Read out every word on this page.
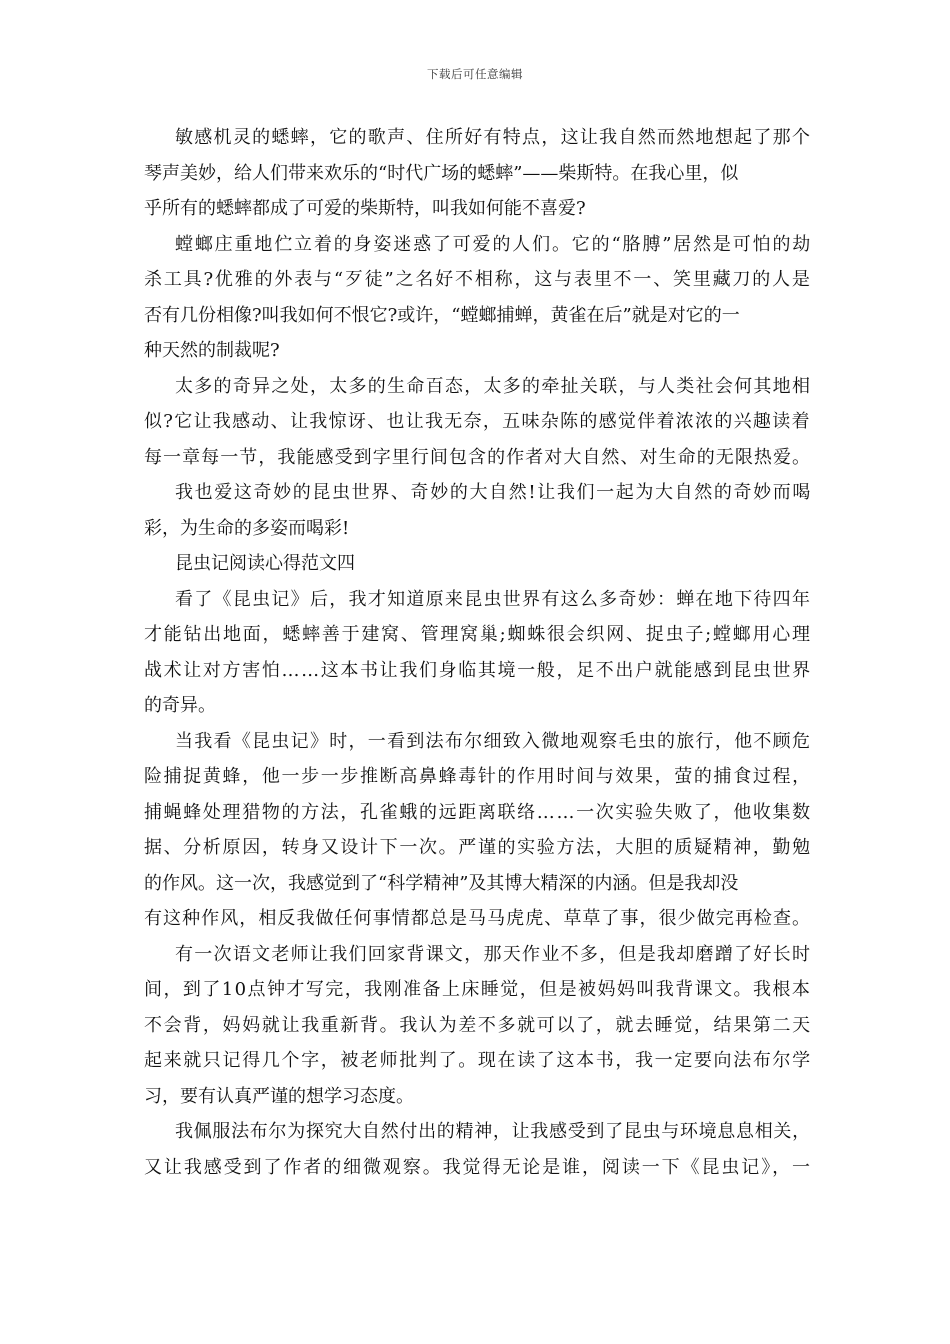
下载后可任意编辑
敏感机灵的蟋蟀，它的歌声、住所好有特点，这让我自然而然地想起了那个
琴声美妙，给人们带来欢乐的“时代广场的蟋蟀”——柴斯特。在我心里，似
乎所有的蟋蟀都成了可爱的柴斯特，叫我如何能不喜爱?
螳螂庄重地伫立着的身姿迷惑了可爱的人们。它的“胳膊”居然是可怕的劫
杀工具?优雅的外表与“歹徒”之名好不相称，这与表里不一、笑里藏刀的人是
否有几份相像?叫我如何不恨它?或许，“螳螂捕蝉，黄雀在后”就是对它的一
种天然的制裁呢?
太多的奇异之处，太多的生命百态，太多的牵扯关联，与人类社会何其地相
似?它让我感动、让我惊讶、也让我无奈，五味杂陈的感觉伴着浓浓的兴趣读着
每一章每一节，我能感受到字里行间包含的作者对大自然、对生命的无限热爱。
我也爱这奇妙的昆虫世界、奇妙的大自然!让我们一起为大自然的奇妙而喝
彩，为生命的多姿而喝彩!
昆虫记阅读心得范文四
看了《昆虫记》后，我才知道原来昆虫世界有这么多奇妙：蝉在地下待四年
才能钻出地面，蟋蟀善于建窝、管理窝巢;蜘蛛很会织网、捉虫子;螳螂用心理
战术让对方害怕……这本书让我们身临其境一般，足不出户就能感到昆虫世界
的奇异。
当我看《昆虫记》时，一看到法布尔细致入微地观察毛虫的旅行，他不顾危
险捕捉黄蜂，他一步一步推断高鼻蜂毒针的作用时间与效果，萤的捕食过程，
捕蝇蜂处理猎物的方法，孔雀蛾的远距离联络……一次实验失败了，他收集数
据、分析原因，转身又设计下一次。严谨的实验方法，大胆的质疑精神，勤勉
的作风。这一次，我感觉到了“科学精神”及其博大精深的内涵。但是我却没
有这种作风，相反我做任何事情都总是马马虎虎、草草了事，很少做完再检查。
有一次语文老师让我们回家背课文，那天作业不多，但是我却磨蹭了好长时
间，到了10点钟才写完，我刚准备上床睡觉，但是被妈妈叫我背课文。我根本
不会背，妈妈就让我重新背。我认为差不多就可以了，就去睡觉，结果第二天
起来就只记得几个字，被老师批判了。现在读了这本书，我一定要向法布尔学
习，要有认真严谨的想学习态度。
我佩服法布尔为探究大自然付出的精神，让我感受到了昆虫与环境息息相关，
又让我感受到了作者的细微观察。我觉得无论是谁，阅读一下《昆虫记》，一
